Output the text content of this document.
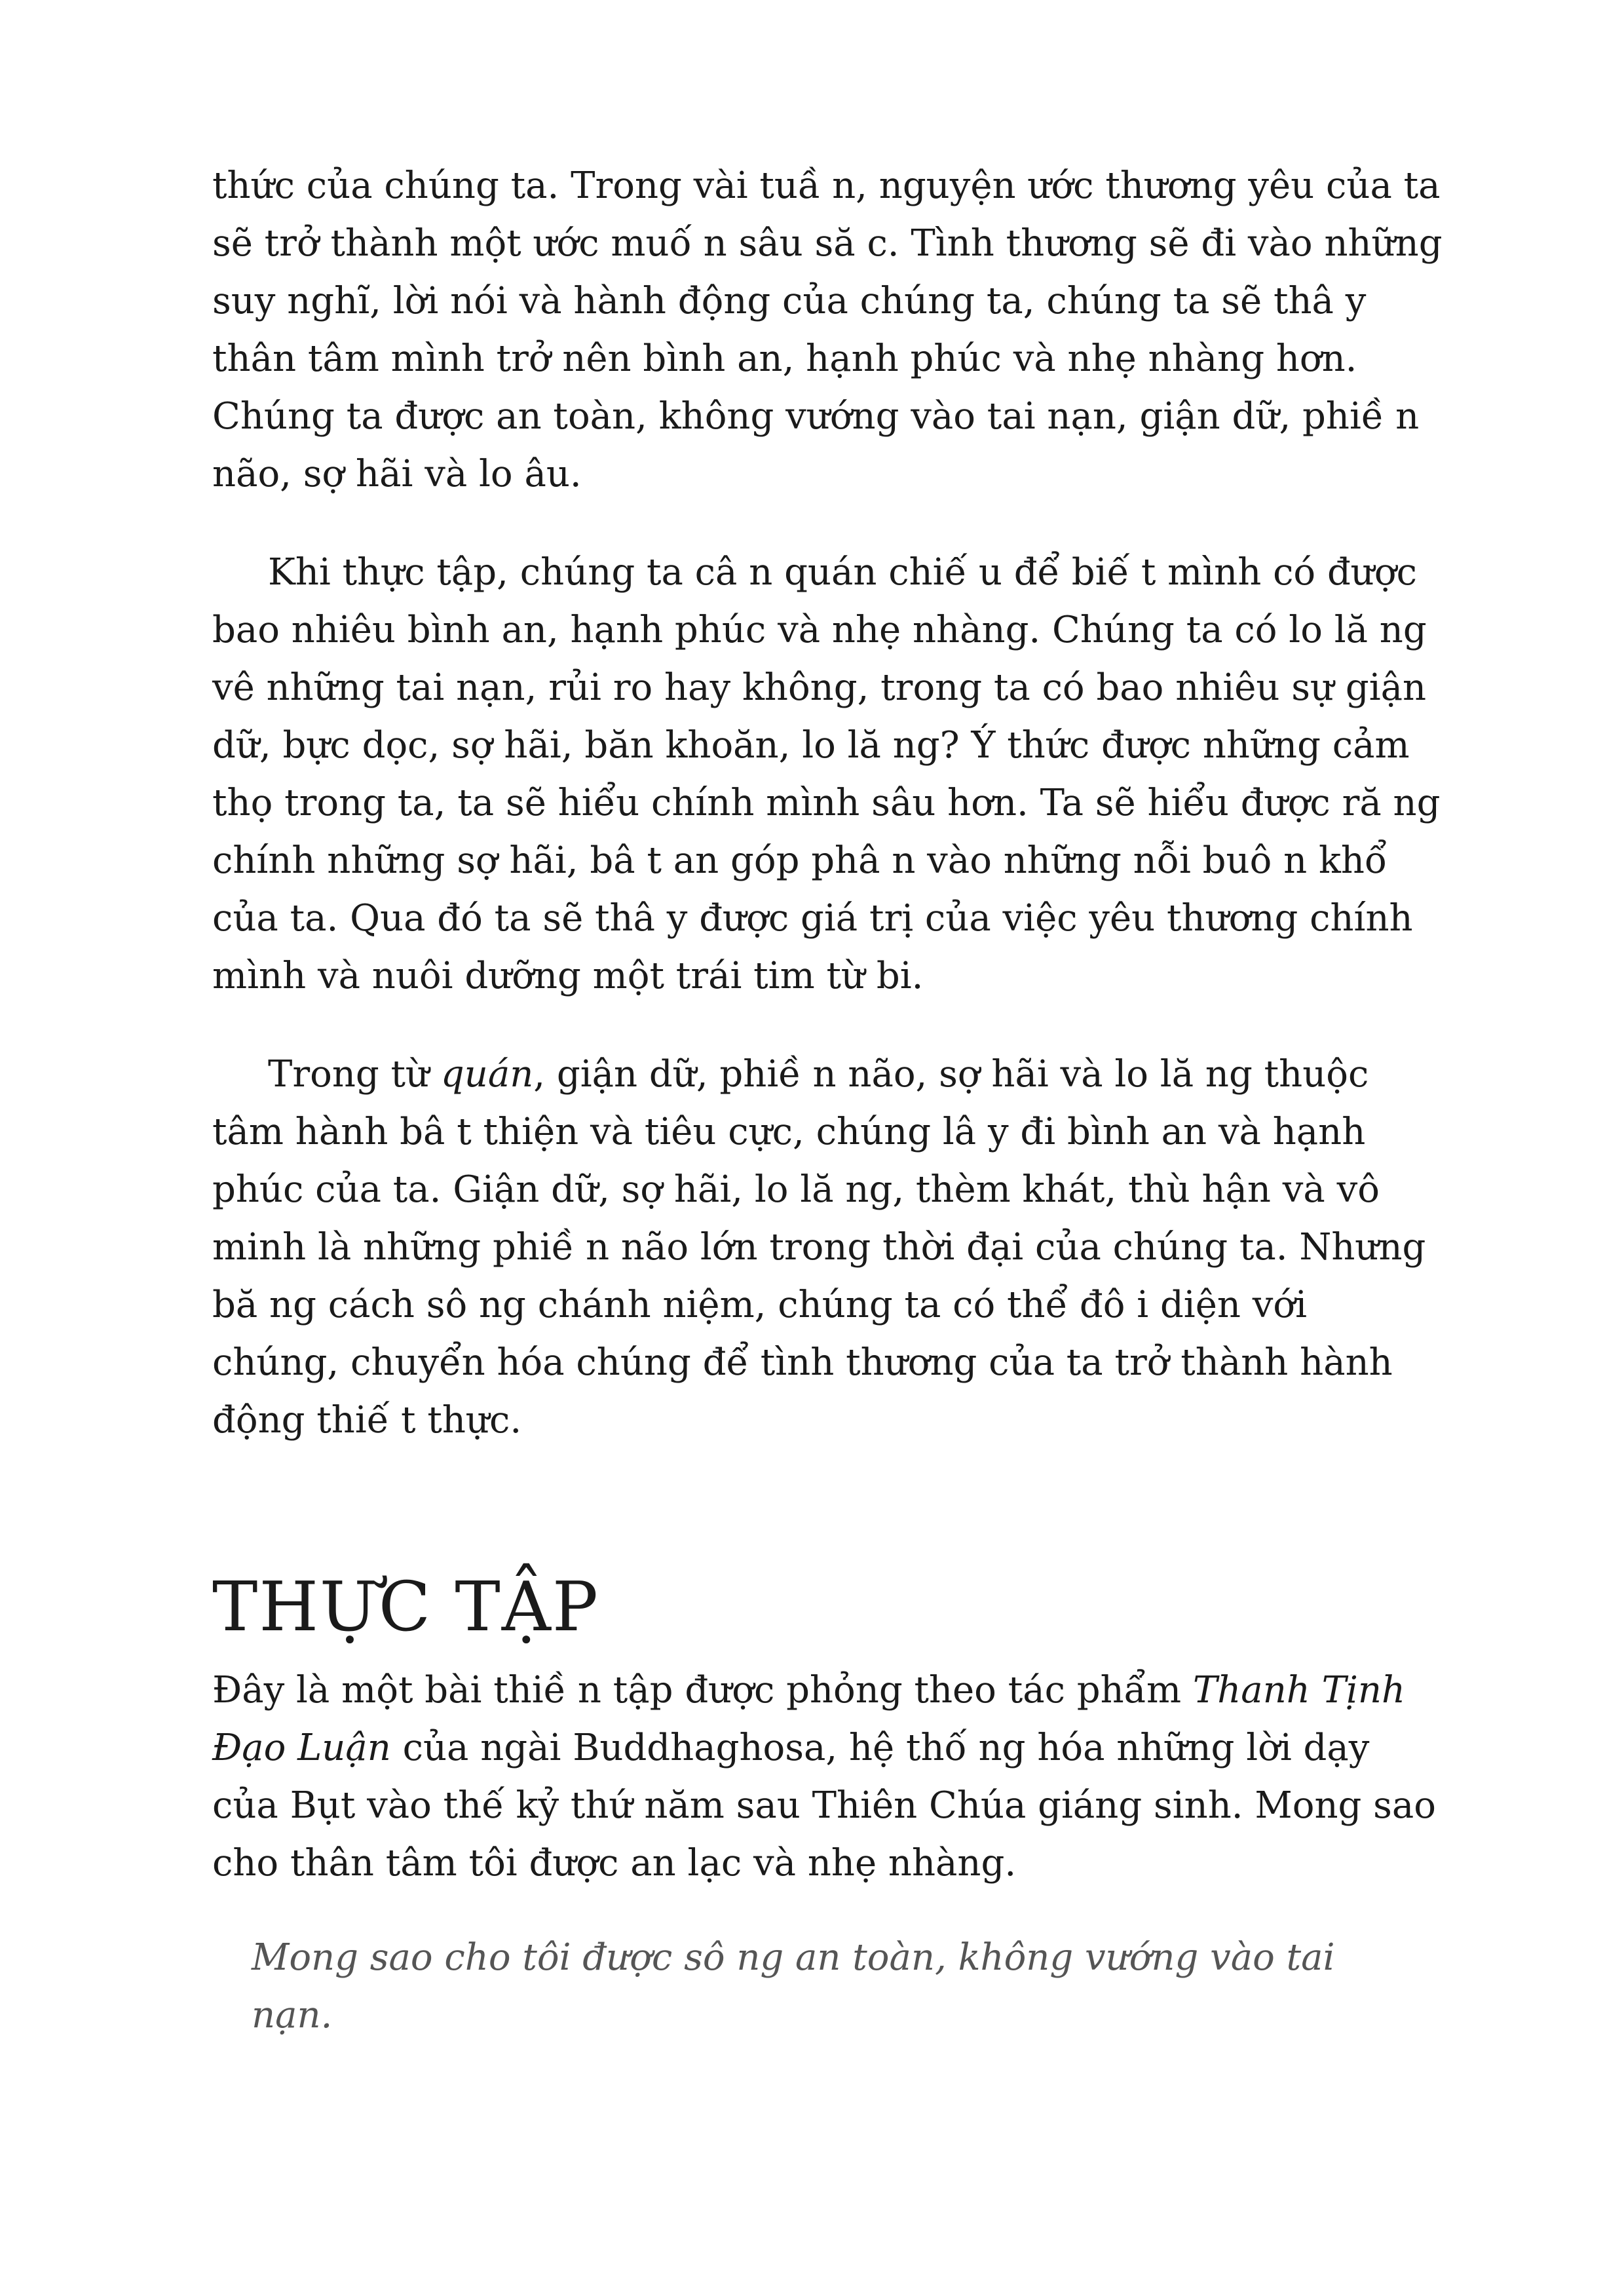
thức của chúng ta. Trong vài tuầ n, nguyện ước thương yêu của ta sẽ trở thành một ước muố n sâu să c. Tình thương sẽ đi vào những suy nghĩ, lời nói và hành động của chúng ta, chúng ta sẽ thâ y thân tâm mình trở nên bình an, hạnh phúc và nhẹ nhàng hơn. Chúng ta được an toàn, không vướng vào tai nạn, giận dữ, phiề n não, sợ hãi và lo âu.

Khi thực tập, chúng ta câ n quán chiế u để biế t mình có được bao nhiêu bình an, hạnh phúc và nhẹ nhàng. Chúng ta có lo lă ng vê những tai nạn, rủi ro hay không, trong ta có bao nhiêu sự giận dữ, bực dọc, sợ hãi, băn khoăn, lo lă ng? Ý thức được những cảm thọ trong ta, ta sẽ hiểu chính mình sâu hơn. Ta sẽ hiểu được ră ng chính những sợ hãi, bâ t an góp phâ n vào những nỗi buô n khổ của ta. Qua đó ta sẽ thâ y được giá trị của việc yêu thương chính mình và nuôi dưỡng một trái tim từ bi.

Trong từ quán, giận dữ, phiề n não, sợ hãi và lo lă ng thuộc tâm hành bâ t thiện và tiêu cực, chúng lâ y đi bình an và hạnh phúc của ta. Giận dữ, sợ hãi, lo lă ng, thèm khát, thù hận và vô minh là những phiề n não lớn trong thời đại của chúng ta. Nhưng bă ng cách sô ng chánh niệm, chúng ta có thể đô i diện với chúng, chuyển hóa chúng để tình thương của ta trở thành hành động thiế t thực.

THỰC TẬP

Đây là một bài thiề n tập được phỏng theo tác phẩm Thanh Tịnh Đạo Luận của ngài Buddhaghosa, hệ thố ng hóa những lời dạy của Bụt vào thế kỷ thứ năm sau Thiên Chúa giáng sinh. Mong sao cho thân tâm tôi được an lạc và nhẹ nhàng.

Mong sao cho tôi được sô ng an toàn, không vướng vào tai nạn.
